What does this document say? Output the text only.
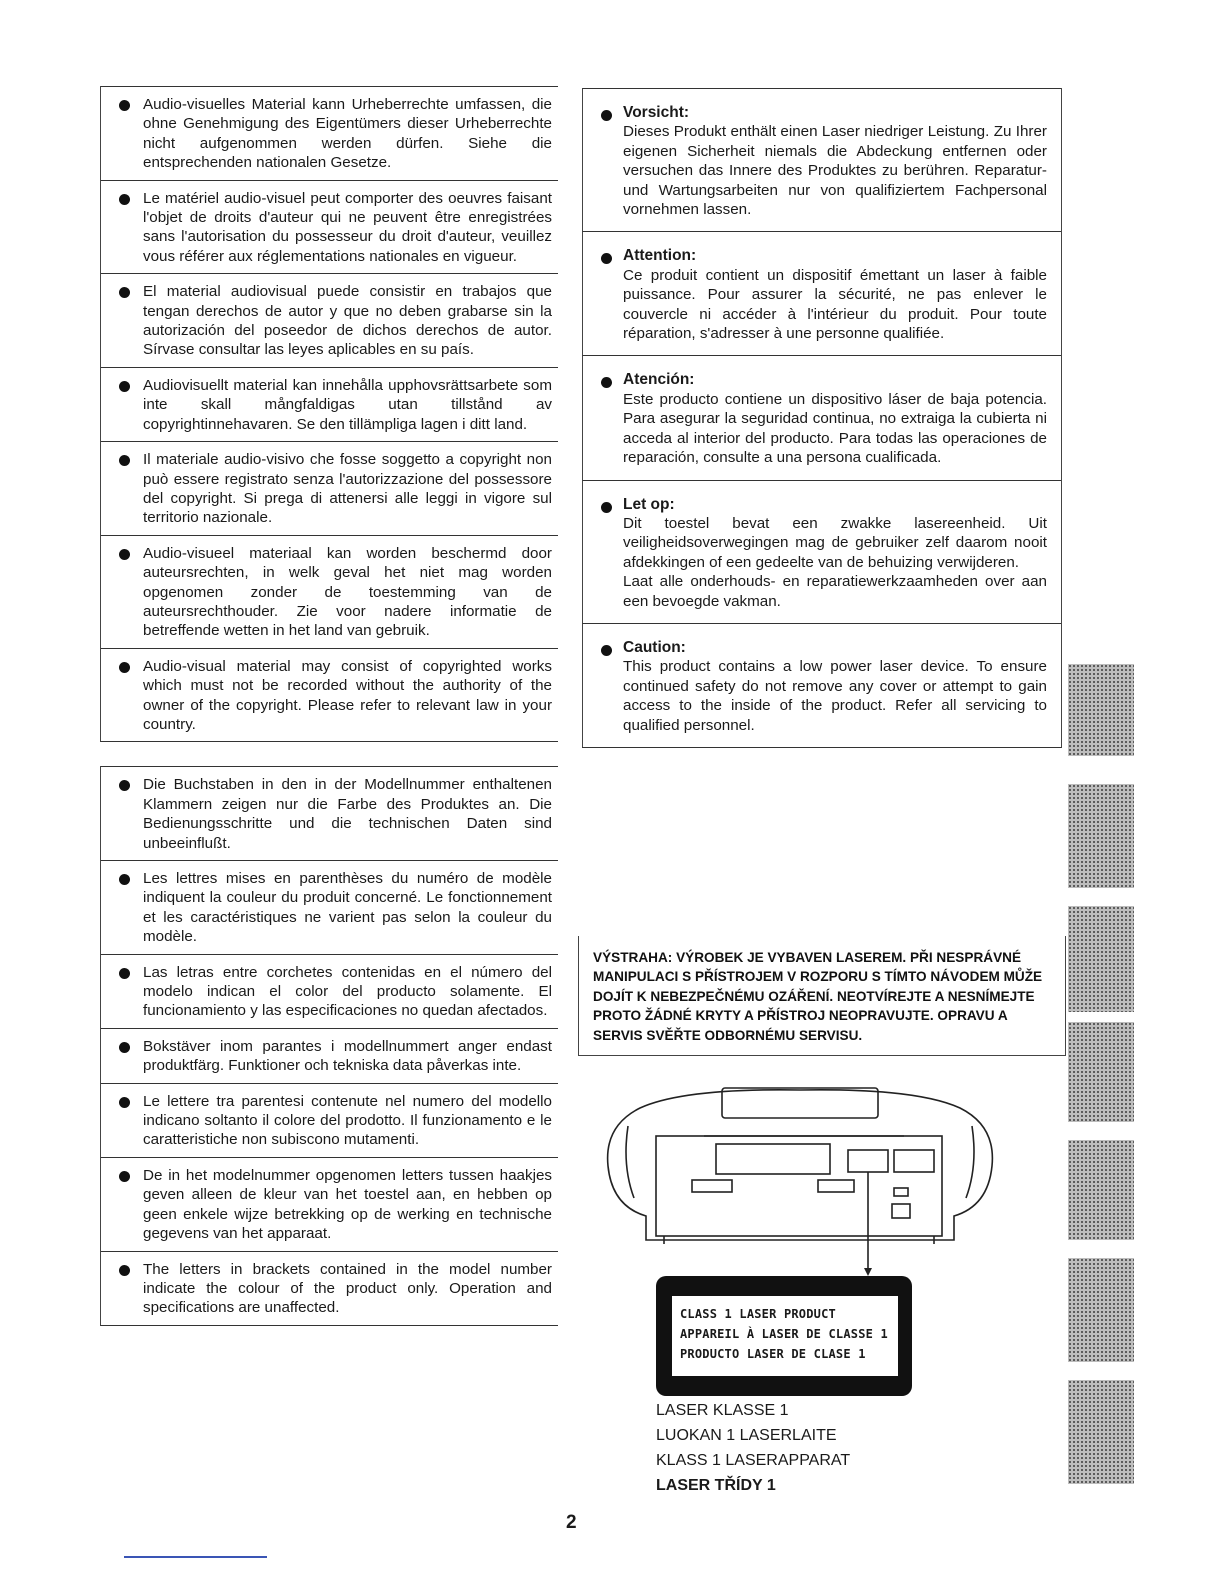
Audio-visuelles Material kann Urheberrechte umfassen, die ohne Genehmigung des Eigentümers dieser Urheberrechte nicht aufgenommen werden dürfen. Siehe die entsprechenden nationalen Gesetze.
Le matériel audio-visuel peut comporter des oeuvres faisant l'objet de droits d'auteur qui ne peuvent être enregistrées sans l'autorisation du possesseur du droit d'auteur, veuillez vous référer aux réglementations nationales en vigueur.
El material audiovisual puede consistir en trabajos que tengan derechos de autor y que no deben grabarse sin la autorización del poseedor de dichos derechos de autor. Sírvase consultar las leyes aplicables en su país.
Audiovisuellt material kan innehålla upphovsrättsarbete som inte skall mångfaldigas utan tillstånd av copyrightinnehavaren. Se den tillämpliga lagen i ditt land.
Il materiale audio-visivo che fosse soggetto a copyright non può essere registrato senza l'autorizzazione del possessore del copyright. Si prega di attenersi alle leggi in vigore sul territorio nazionale.
Audio-visueel materiaal kan worden beschermd door auteursrechten, in welk geval het niet mag worden opgenomen zonder de toestemming van de auteursrechthouder. Zie voor nadere informatie de betreffende wetten in het land van gebruik.
Audio-visual material may consist of copyrighted works which must not be recorded without the authority of the owner of the copyright. Please refer to relevant law in your country.
Die Buchstaben in den in der Modellnummer enthaltenen Klammern zeigen nur die Farbe des Produktes an. Die Bedienungsschritte und die technischen Daten sind unbeeinflußt.
Les lettres mises en parenthèses du numéro de modèle indiquent la couleur du produit concerné. Le fonctionnement et les caractéristiques ne varient pas selon la couleur du modèle.
Las letras entre corchetes contenidas en el número del modelo indican el color del producto solamente. El funcionamiento y las especificaciones no quedan afectados.
Bokstäver inom parantes i modellnummert anger endast produktfärg. Funktioner och tekniska data påverkas inte.
Le lettere tra parentesi contenute nel numero del modello indicano soltanto il colore del prodotto. Il funzionamento e le caratteristiche non subiscono mutamenti.
De in het modelnummer opgenomen letters tussen haakjes geven alleen de kleur van het toestel aan, en hebben op geen enkele wijze betrekking op de werking en technische gegevens van het apparaat.
The letters in brackets contained in the model number indicate the colour of the product only. Operation and specifications are unaffected.
Vorsicht:

Dieses Produkt enthält einen Laser niedriger Leistung. Zu Ihrer eigenen Sicherheit niemals die Abdeckung entfernen oder versuchen das Innere des Produktes zu berühren. Reparatur- und Wartungsarbeiten nur von qualifiziertem Fachpersonal vornehmen lassen.

Attention:

Ce produit contient un dispositif émettant un laser à faible puissance. Pour assurer la sécurité, ne pas enlever le couvercle ni accéder à l'intérieur du produit. Pour toute réparation, s'adresser à une personne qualifiée.

Atención:

Este producto contiene un dispositivo láser de baja potencia. Para asegurar la seguridad continua, no extraiga la cubierta ni acceda al interior del producto. Para todas las operaciones de reparación, consulte a una persona cualificada.

Let op:

Dit toestel bevat een zwakke lasereenheid. Uit veiligheidsoverwegingen mag de gebruiker zelf daarom nooit afdekkingen of een gedeelte van de behuizing verwijderen.

Laat alle onderhouds- en reparatiewerkzaamheden over aan een bevoegde vakman.

Caution:

This product contains a low power laser device. To ensure continued safety do not remove any cover or attempt to gain access to the inside of the product. Refer all servicing to qualified personnel.

VÝSTRAHA: VÝROBEK JE VYBAVEN LASEREM. PŘI NESPRÁVNÉ MANIPULACI S PŘÍSTROJEM V ROZPORU S TÍMTO NÁVODEM MŮŽE DOJÍT K NEBEZPEČNÉMU OZÁŘENÍ. NEOTVÍREJTE A NESNÍMEJTE PROTO ŽÁDNÉ KRYTY A PŘÍSTROJ NEOPRAVUJTE. OPRAVU A SERVIS SVĚŘTE ODBORNÉMU SERVISU.
CLASS 1 LASER PRODUCT
APPAREIL À LASER DE CLASSE 1
PRODUCTO LASER DE CLASE 1
LASER KLASSE 1
LUOKAN 1 LASERLAITE
KLASS 1 LASERAPPARAT
LASER TŘÍDY 1
2
